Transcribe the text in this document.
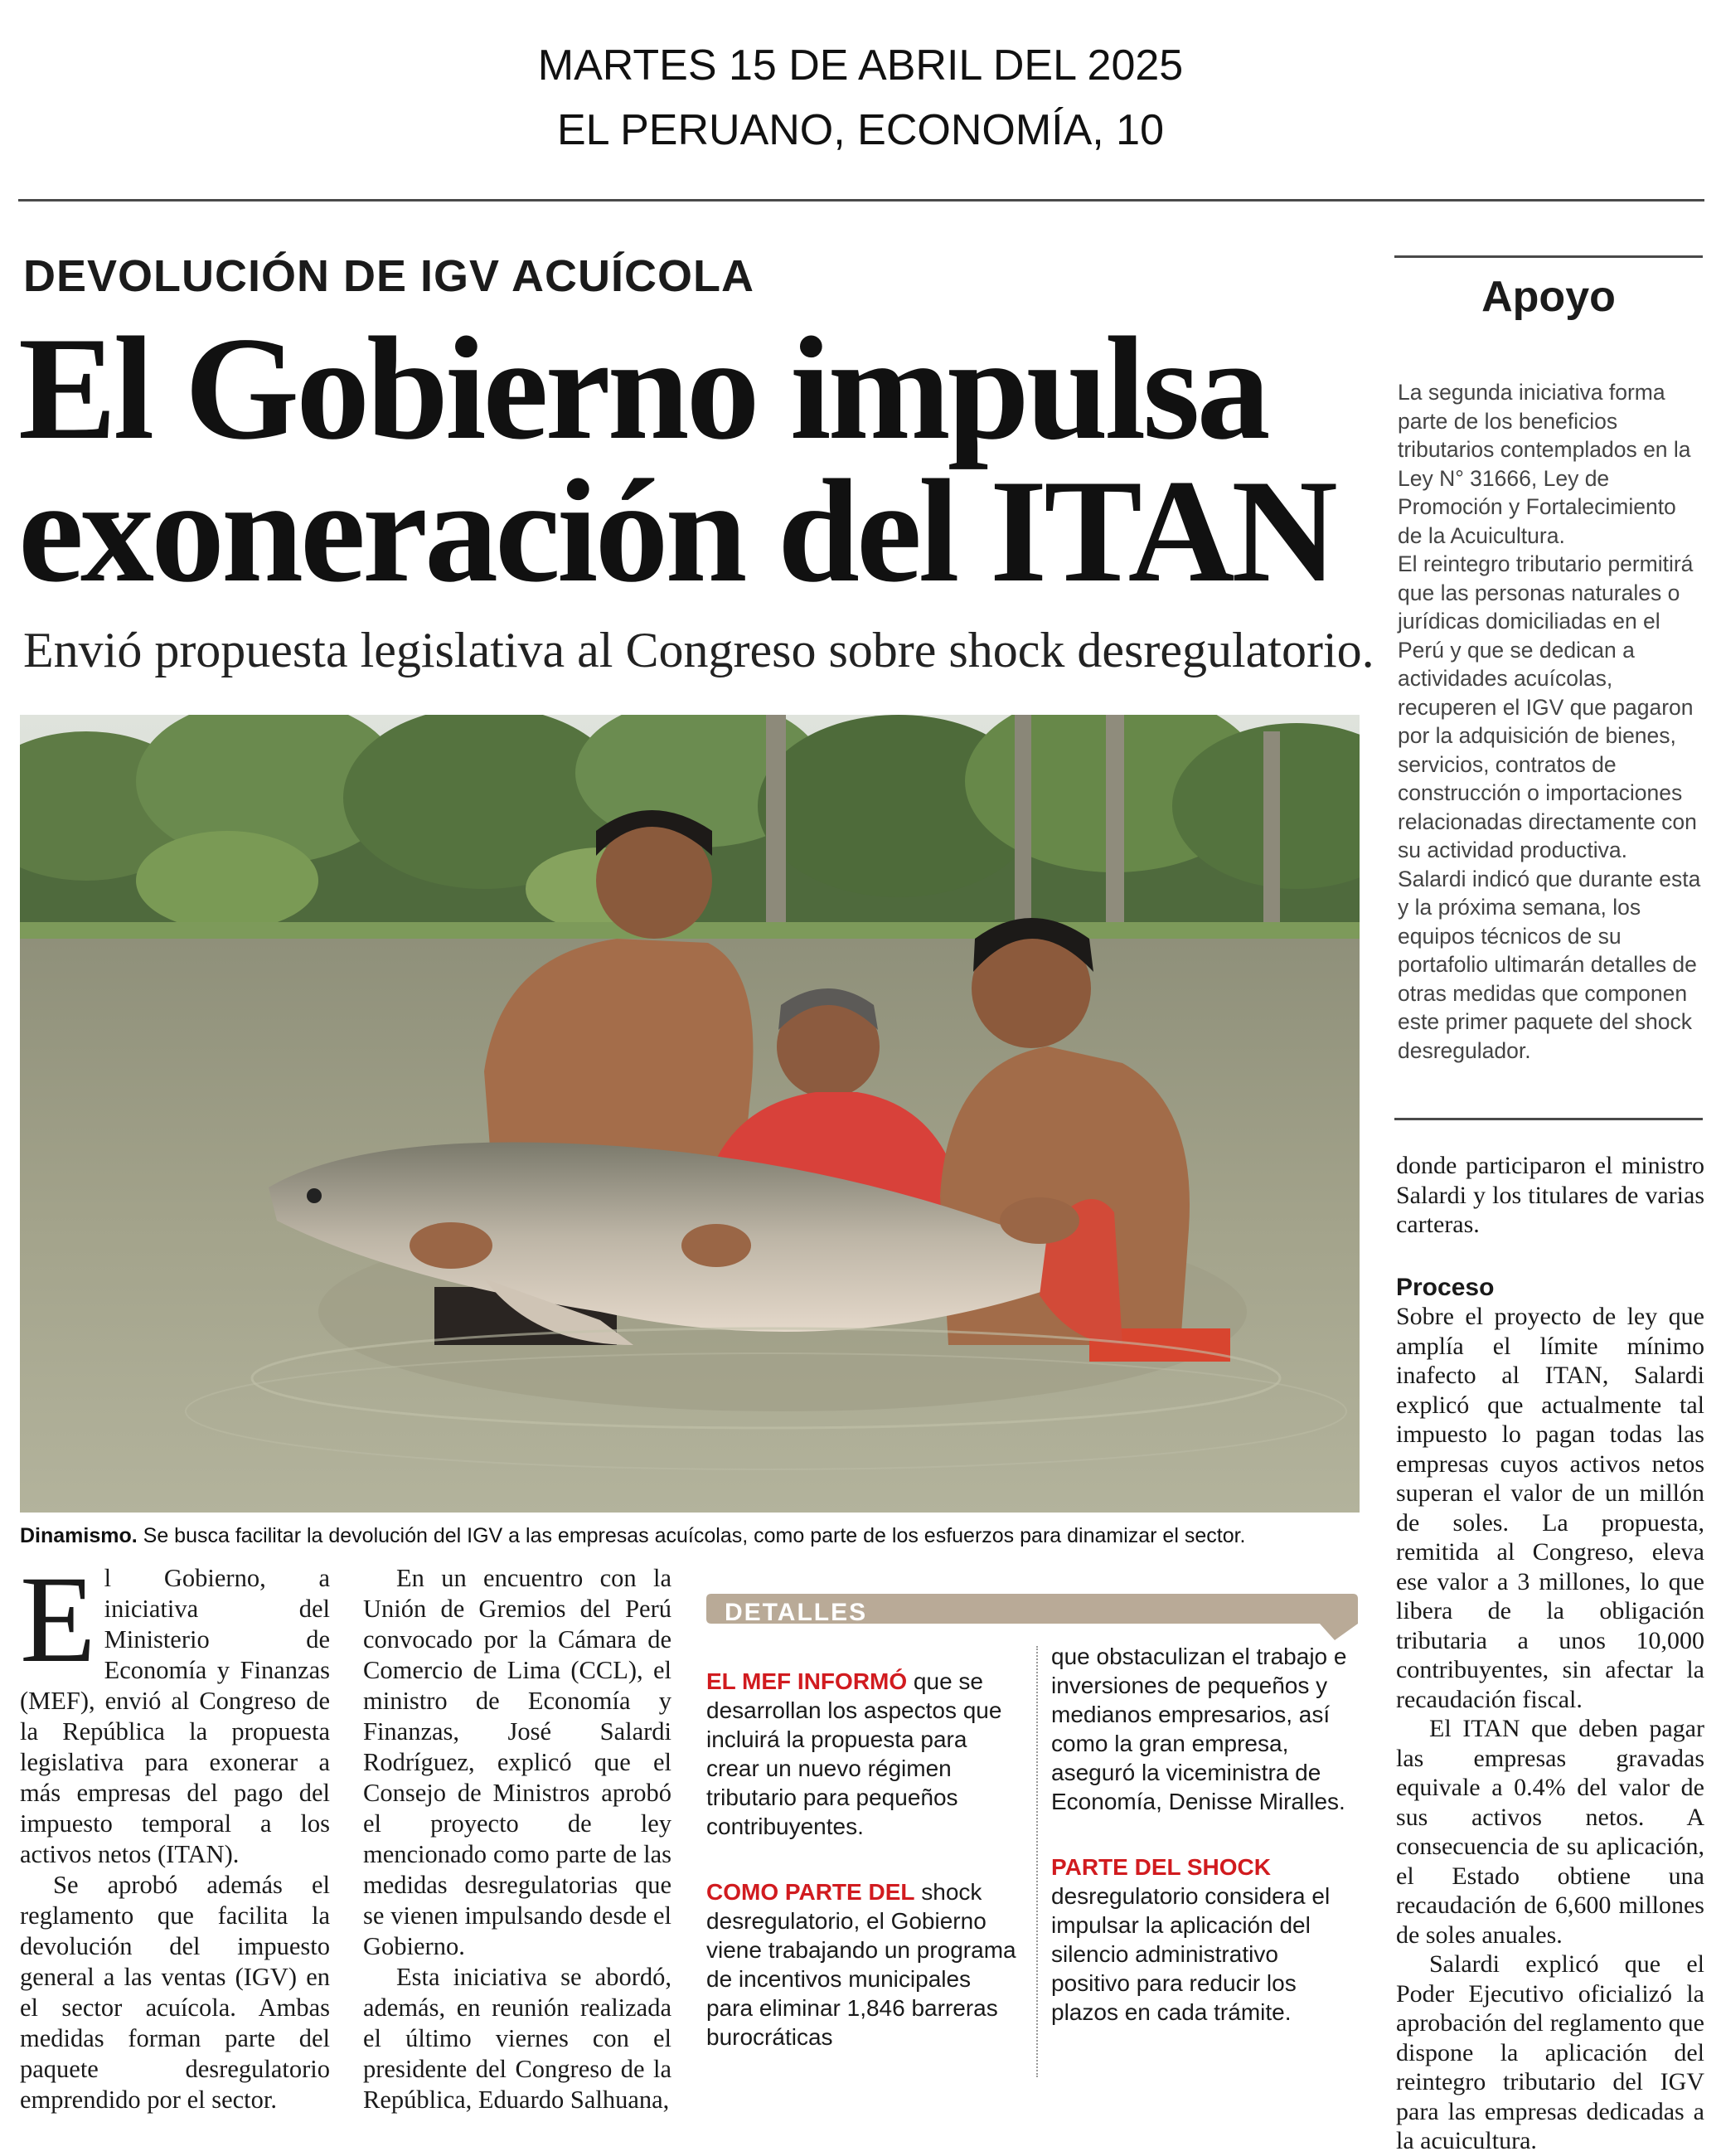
MARTES 15 DE ABRIL DEL 2025
EL PERUANO, ECONOMÍA, 10
DEVOLUCIÓN DE IGV ACUÍCOLA
El Gobierno impulsa
exoneración del ITAN
Envió propuesta legislativa al Congreso sobre shock desregulatorio.
Dinamismo. Se busca facilitar la devolución del IGV a las empresas acuícolas, como parte de los esfuerzos para dinamizar el sector.

El Gobierno, a iniciativa del Ministerio de Economía y Finanzas (MEF), envió al Congreso de la República la propuesta legislativa para exonerar a más empresas del pago del impuesto temporal a los activos netos (ITAN).

Se aprobó además el reglamento que facilita la devolución del impuesto general a las ventas (IGV) en el sector acuícola. Ambas medidas forman parte del paquete desregulatorio emprendido por el sector.

En un encuentro con la Unión de Gremios del Perú convocado por la Cámara de Comercio de Lima (CCL), el ministro de Economía y Finanzas, José Salardi Rodríguez, explicó que el Consejo de Ministros aprobó el proyecto de ley mencionado como parte de las medidas desregulatorias que se vienen impulsando desde el Gobierno.

Esta iniciativa se abordó, además, en reunión realizada el último viernes con el presidente del Congreso de la República, Eduardo Salhuana,

DETALLES

EL MEF INFORMÓ que se desarrollan los aspectos que incluirá la propuesta para crear un nuevo régimen tributario para pequeños contribuyentes.

COMO PARTE DEL shock desregulatorio, el Gobierno viene trabajando un programa de incentivos municipales para eliminar 1,846 barreras burocráticas

que obstaculizan el trabajo e inversiones de pequeños y medianos empresarios, así como la gran empresa, aseguró la viceministra de Economía, Denisse Miralles.

PARTE DEL SHOCK desregulatorio considera el impulsar la aplicación del silencio administrativo positivo para reducir los plazos en cada trámite.

Apoyo

La segunda iniciativa forma parte de los beneficios tributarios contemplados en la Ley N° 31666, Ley de Promoción y Fortalecimiento de la Acuicultura.

El reintegro tributario permitirá que las personas naturales o jurídicas domiciliadas en el Perú y que se dedican a actividades acuícolas, recuperen el IGV que pagaron por la adquisición de bienes, servicios, contratos de construcción o importaciones relacionadas directamente con su actividad productiva.

Salardi indicó que durante esta y la próxima semana, los equipos técnicos de su portafolio ultimarán detalles de otras medidas que componen este primer paquete del shock desregulador.

donde participaron el ministro Salardi y los titulares de varias carteras.

Proceso

Sobre el proyecto de ley que amplía el límite mínimo inafecto al ITAN, Salardi explicó que actualmente tal impuesto lo pagan todas las empresas cuyos activos netos superan el valor de un millón de soles. La propuesta, remitida al Congreso, eleva ese valor a 3 millones, lo que libera de la obligación tributaria a unos 10,000 contribuyentes, sin afectar la recaudación fiscal.

El ITAN que deben pagar las empresas gravadas equivale a 0.4% del valor de sus activos netos. A consecuencia de su aplicación, el Estado obtiene una recaudación de 6,600 millones de soles anuales.

Salardi explicó que el Poder Ejecutivo oficializó la aprobación del reglamento que dispone la aplicación del reintegro tributario del IGV para las empresas dedicadas a la acuicultura.
